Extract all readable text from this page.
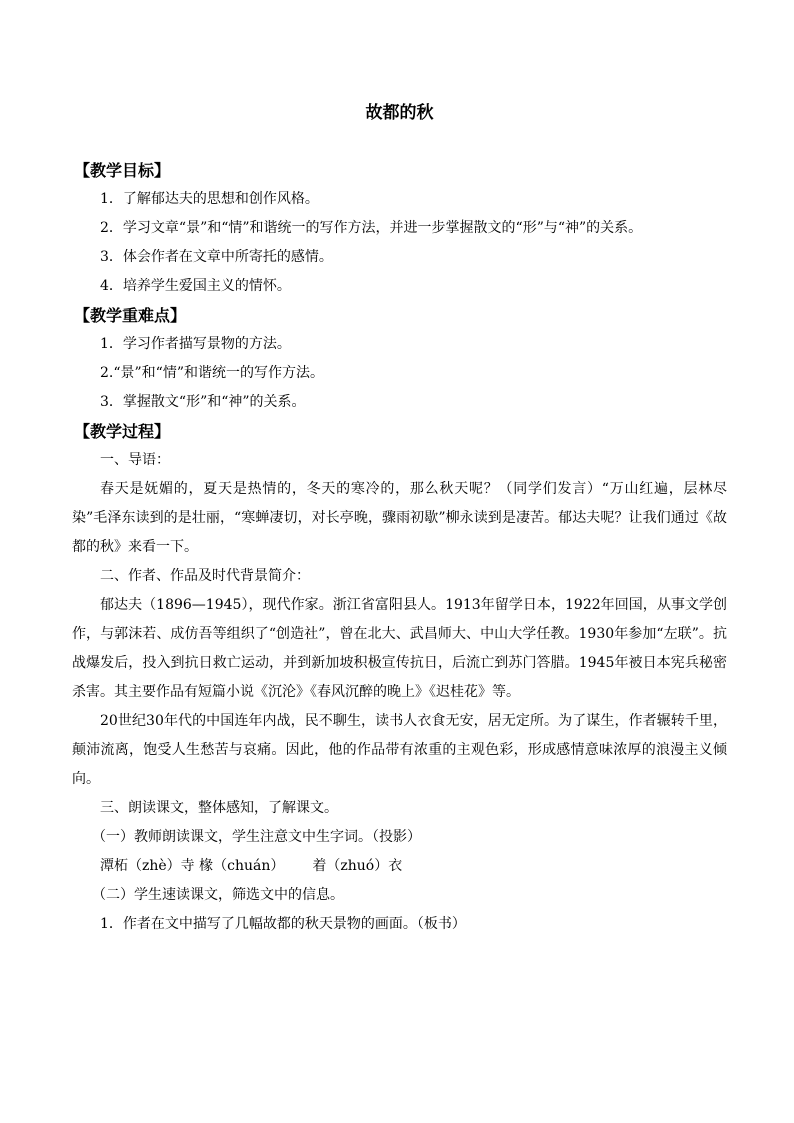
故都的秋
【教学目标】

1．了解郁达夫的思想和创作风格。

2．学习文章“景”和“情”和谐统一的写作方法，并进一步掌握散文的“形”与“神”的关系。

3．体会作者在文章中所寄托的感情。

4．培养学生爱国主义的情怀。

【教学重难点】

1．学习作者描写景物的方法。

2.“景”和“情”和谐统一的写作方法。

3．掌握散文“形”和“神”的关系。

【教学过程】

一、导语：

春天是妩媚的，夏天是热情的，冬天的寒冷的，那么秋天呢？（同学们发言）“万山红遍，层林尽染”毛泽东读到的是壮丽，“寒蝉凄切，对长亭晚，骤雨初歇”柳永读到是凄苦。郁达夫呢？让我们通过《故都的秋》来看一下。

二、作者、作品及时代背景简介：

郁达夫（1896—1945），现代作家。浙江省富阳县人。1913年留学日本，1922年回国，从事文学创作，与郭沫若、成仿吾等组织了“创造社”，曾在北大、武昌师大、中山大学任教。1930年参加“左联”。抗战爆发后，投入到抗日救亡运动，并到新加坡积极宣传抗日，后流亡到苏门答腊。1945年被日本宪兵秘密杀害。其主要作品有短篇小说《沉沦》《春风沉醉的晚上》《迟桂花》等。

20世纪30年代的中国连年内战，民不聊生，读书人衣食无安，居无定所。为了谋生，作者辗转千里，颠沛流离，饱受人生愁苦与哀痛。因此，他的作品带有浓重的主观色彩，形成感情意味浓厚的浪漫主义倾向。

三、朗读课文，整体感知，了解课文。

（一）教师朗读课文，学生注意文中生字词。（投影）

潭柘（zhè）寺 椽（chuán） 着（zhuó）衣

（二）学生速读课文，筛选文中的信息。

1．作者在文中描写了几幅故都的秋天景物的画面。（板书）
